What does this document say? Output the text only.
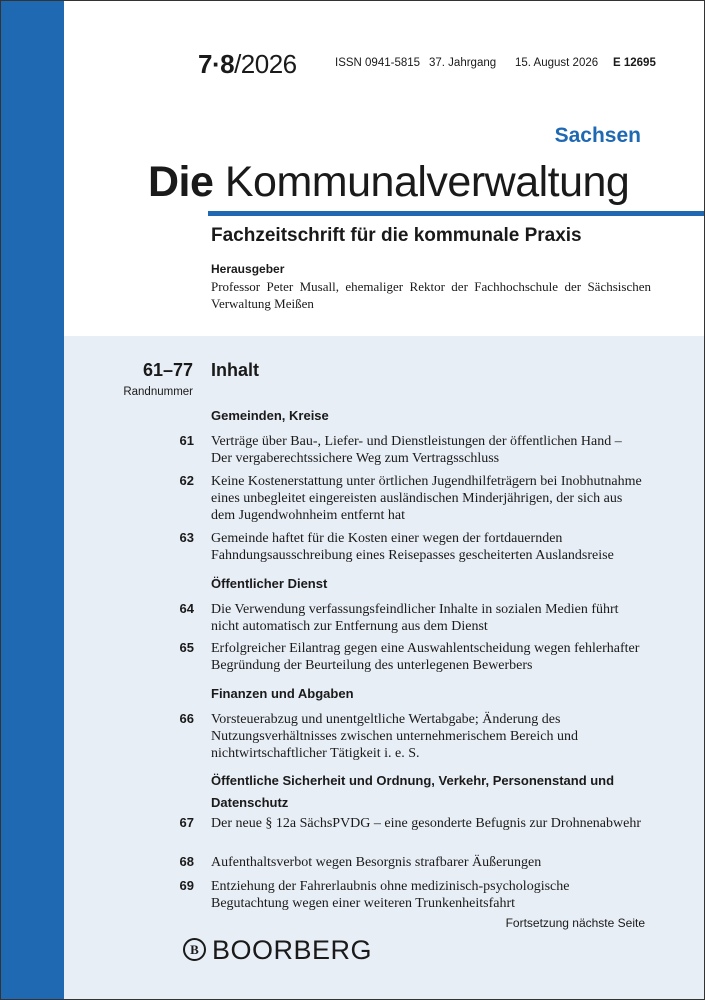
7·8/2026	ISSN 0941-5815 37. Jahrgang 15. August 2026 E 12695
Sachsen
Die Kommunalverwaltung
Fachzeitschrift für die kommunale Praxis
Herausgeber
Professor Peter Musall, ehemaliger Rektor der Fachhochschule der Sächsischen Verwaltung Meißen
61–77
Randnummer
Inhalt
Gemeinden, Kreise
61 Verträge über Bau-, Liefer- und Dienstleistungen der öffentlichen Hand – Der vergaberechtssichere Weg zum Vertragsschluss
62 Keine Kostenerstattung unter örtlichen Jugendhilfeträgern bei Inobhutnahme eines unbegleitet eingereisten ausländischen Minderjährigen, der sich aus dem Jugendwohnheim entfernt hat
63 Gemeinde haftet für die Kosten einer wegen der fortdauernden Fahndungsausschreibung eines Reisepasses gescheiterten Auslandsreise
Öffentlicher Dienst
64 Die Verwendung verfassungsfeindlicher Inhalte in sozialen Medien führt nicht automatisch zur Entfernung aus dem Dienst
65 Erfolgreicher Eilantrag gegen eine Auswahlentscheidung wegen fehlerhafter Begründung der Beurteilung des unterlegenen Bewerbers
Finanzen und Abgaben
66 Vorsteuerabzug und unentgeltliche Wertabgabe; Änderung des Nutzungsverhältnisses zwischen unternehmerischem Bereich und nichtwirtschaftlicher Tätigkeit i. e. S.
Öffentliche Sicherheit und Ordnung, Verkehr, Personenstand und Datenschutz
67 Der neue § 12a SächsPVDG – eine gesonderte Befugnis zur Drohnenabwehr
68 Aufenthaltsverbot wegen Besorgnis strafbarer Äußerungen
69 Entziehung der Fahrerlaubnis ohne medizinisch-psychologische Begutachtung wegen einer weiteren Trunkenheitsfahrt
Fortsetzung nächste Seite
B BOORBERG
